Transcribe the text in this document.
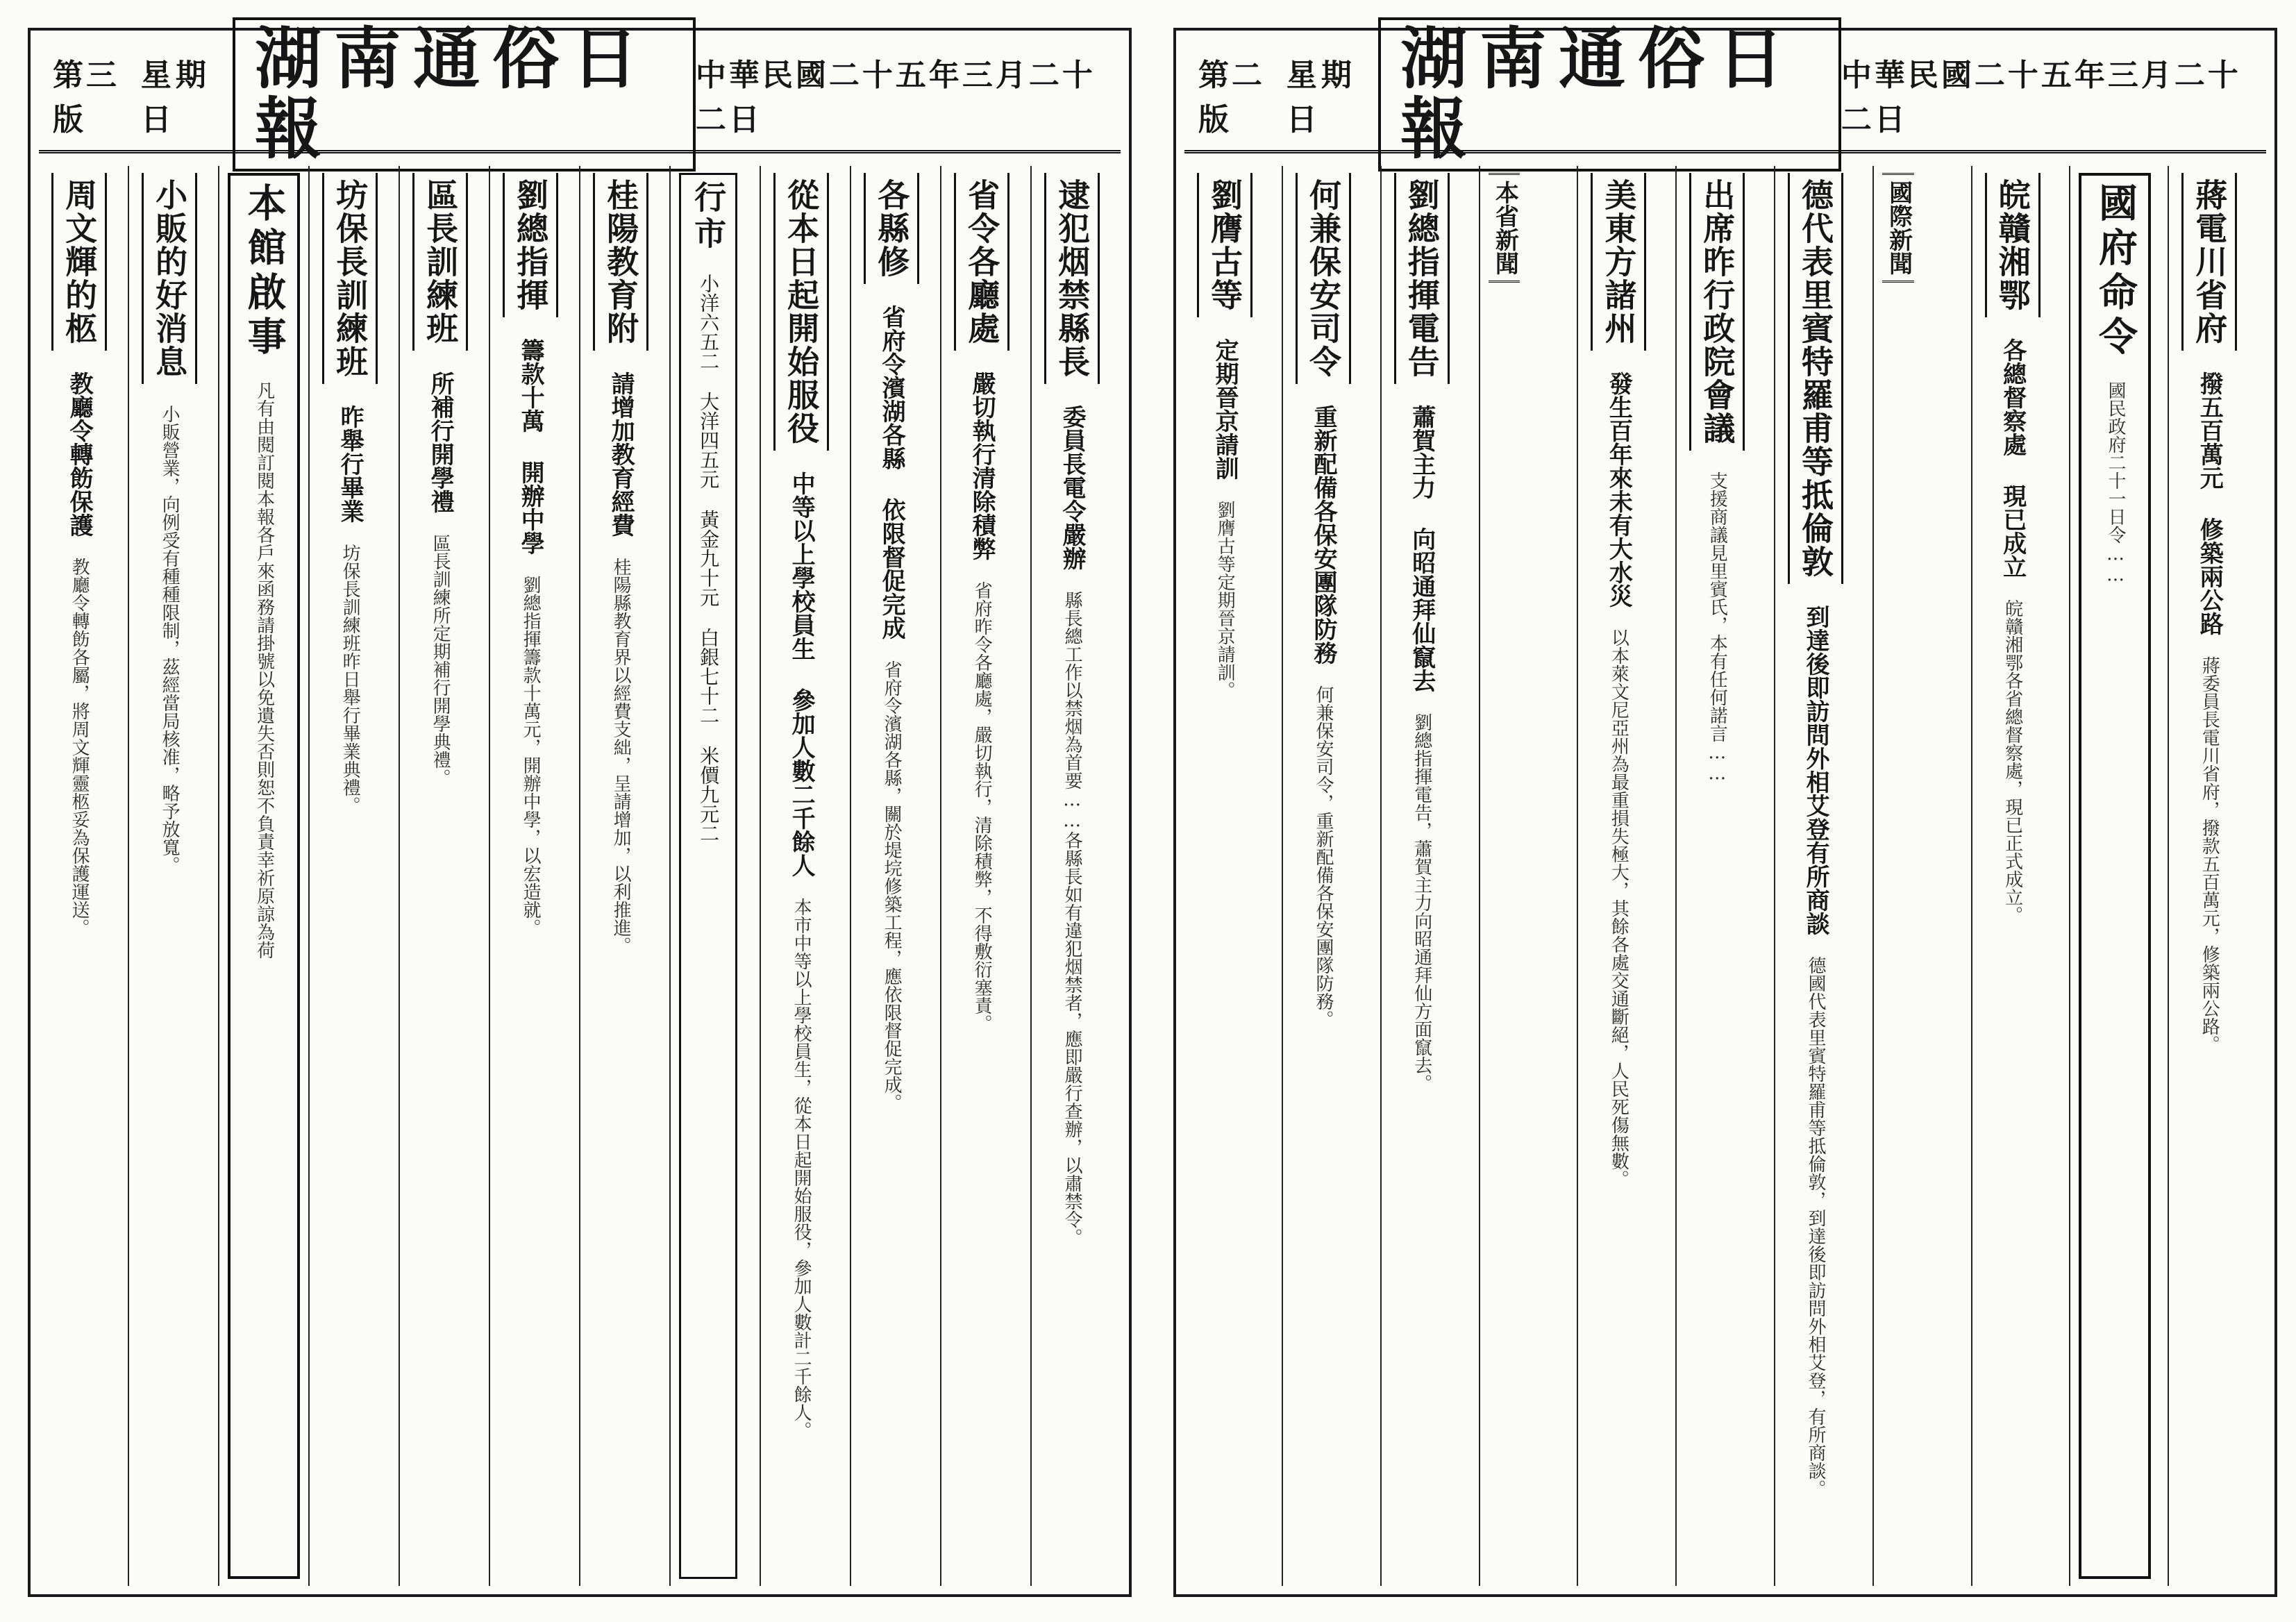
中華民國二十五年三月二十二日
湖南通俗日報
星期日
第三版
逮犯烟禁縣長 委員長電令嚴辦 縣長總工作以禁烟為首要……各縣長如有違犯烟禁者，應即嚴行查辦，以肅禁令。
省令各廳處 嚴切執行清除積弊 省府昨令各廳處，嚴切執行，清除積弊，不得敷衍塞責。
各縣修 省府令濱湖各縣 依限督促完成 省府令濱湖各縣，關於堤垸修築工程，應依限督促完成。
從本日起開始服役 中等以上學校員生 參加人數二千餘人 本市中等以上學校員生，從本日起開始服役，參加人數計二千餘人。
行市 小洋六五二 大洋四五元 黃金九十元 白銀七十二 米價九元二
桂陽教育附 請增加教育經費 桂陽縣教育界以經費支絀，呈請增加，以利推進。
劉總指揮 籌款十萬 開辦中學 劉總指揮籌款十萬元，開辦中學，以宏造就。
區長訓練班 所補行開學禮 區長訓練所定期補行開學典禮。
坊保長訓練班 昨舉行畢業 坊保長訓練班昨日舉行畢業典禮。
本館啟事 凡有由閱訂閱本報各戶來函務請掛號以免遺失否則恕不負責幸祈原諒為荷
小販的好消息 小販營業，向例受有種種限制，茲經當局核准，略予放寬。
周文輝的柩 教廳令轉飭保護 教廳令轉飭各屬，將周文輝靈柩妥為保護運送。
中華民國二十五年三月二十二日
湖南通俗日報
星期日
第二版
蔣電川省府 撥五百萬元 修築兩公路 蔣委員長電川省府，撥款五百萬元，修築兩公路。
國府命令 國民政府二十一日令……
皖贛湘鄂 各總督察處 現已成立 皖贛湘鄂各省總督察處，現已正式成立。
國際新聞
德代表里賓特羅甫等抵倫敦 到達後即訪問外相艾登有所商談 德國代表里賓特羅甫等抵倫敦，到達後即訪問外相艾登，有所商談。
出席昨行政院會議 支援商議見里賓氏，本有任何諾言……
美東方諸州 發生百年來未有大水災 以本萊文尼亞州為最重損失極大，其餘各處交通斷絕，人民死傷無數。
本省新聞
劉總指揮電告 蕭賀主力 向昭通拜仙竄去 劉總指揮電告，蕭賀主力向昭通拜仙方面竄去。
何兼保安司令 重新配備各保安團隊防務 何兼保安司令，重新配備各保安團隊防務。
劉膺古等 定期晉京請訓 劉膺古等定期晉京請訓。
